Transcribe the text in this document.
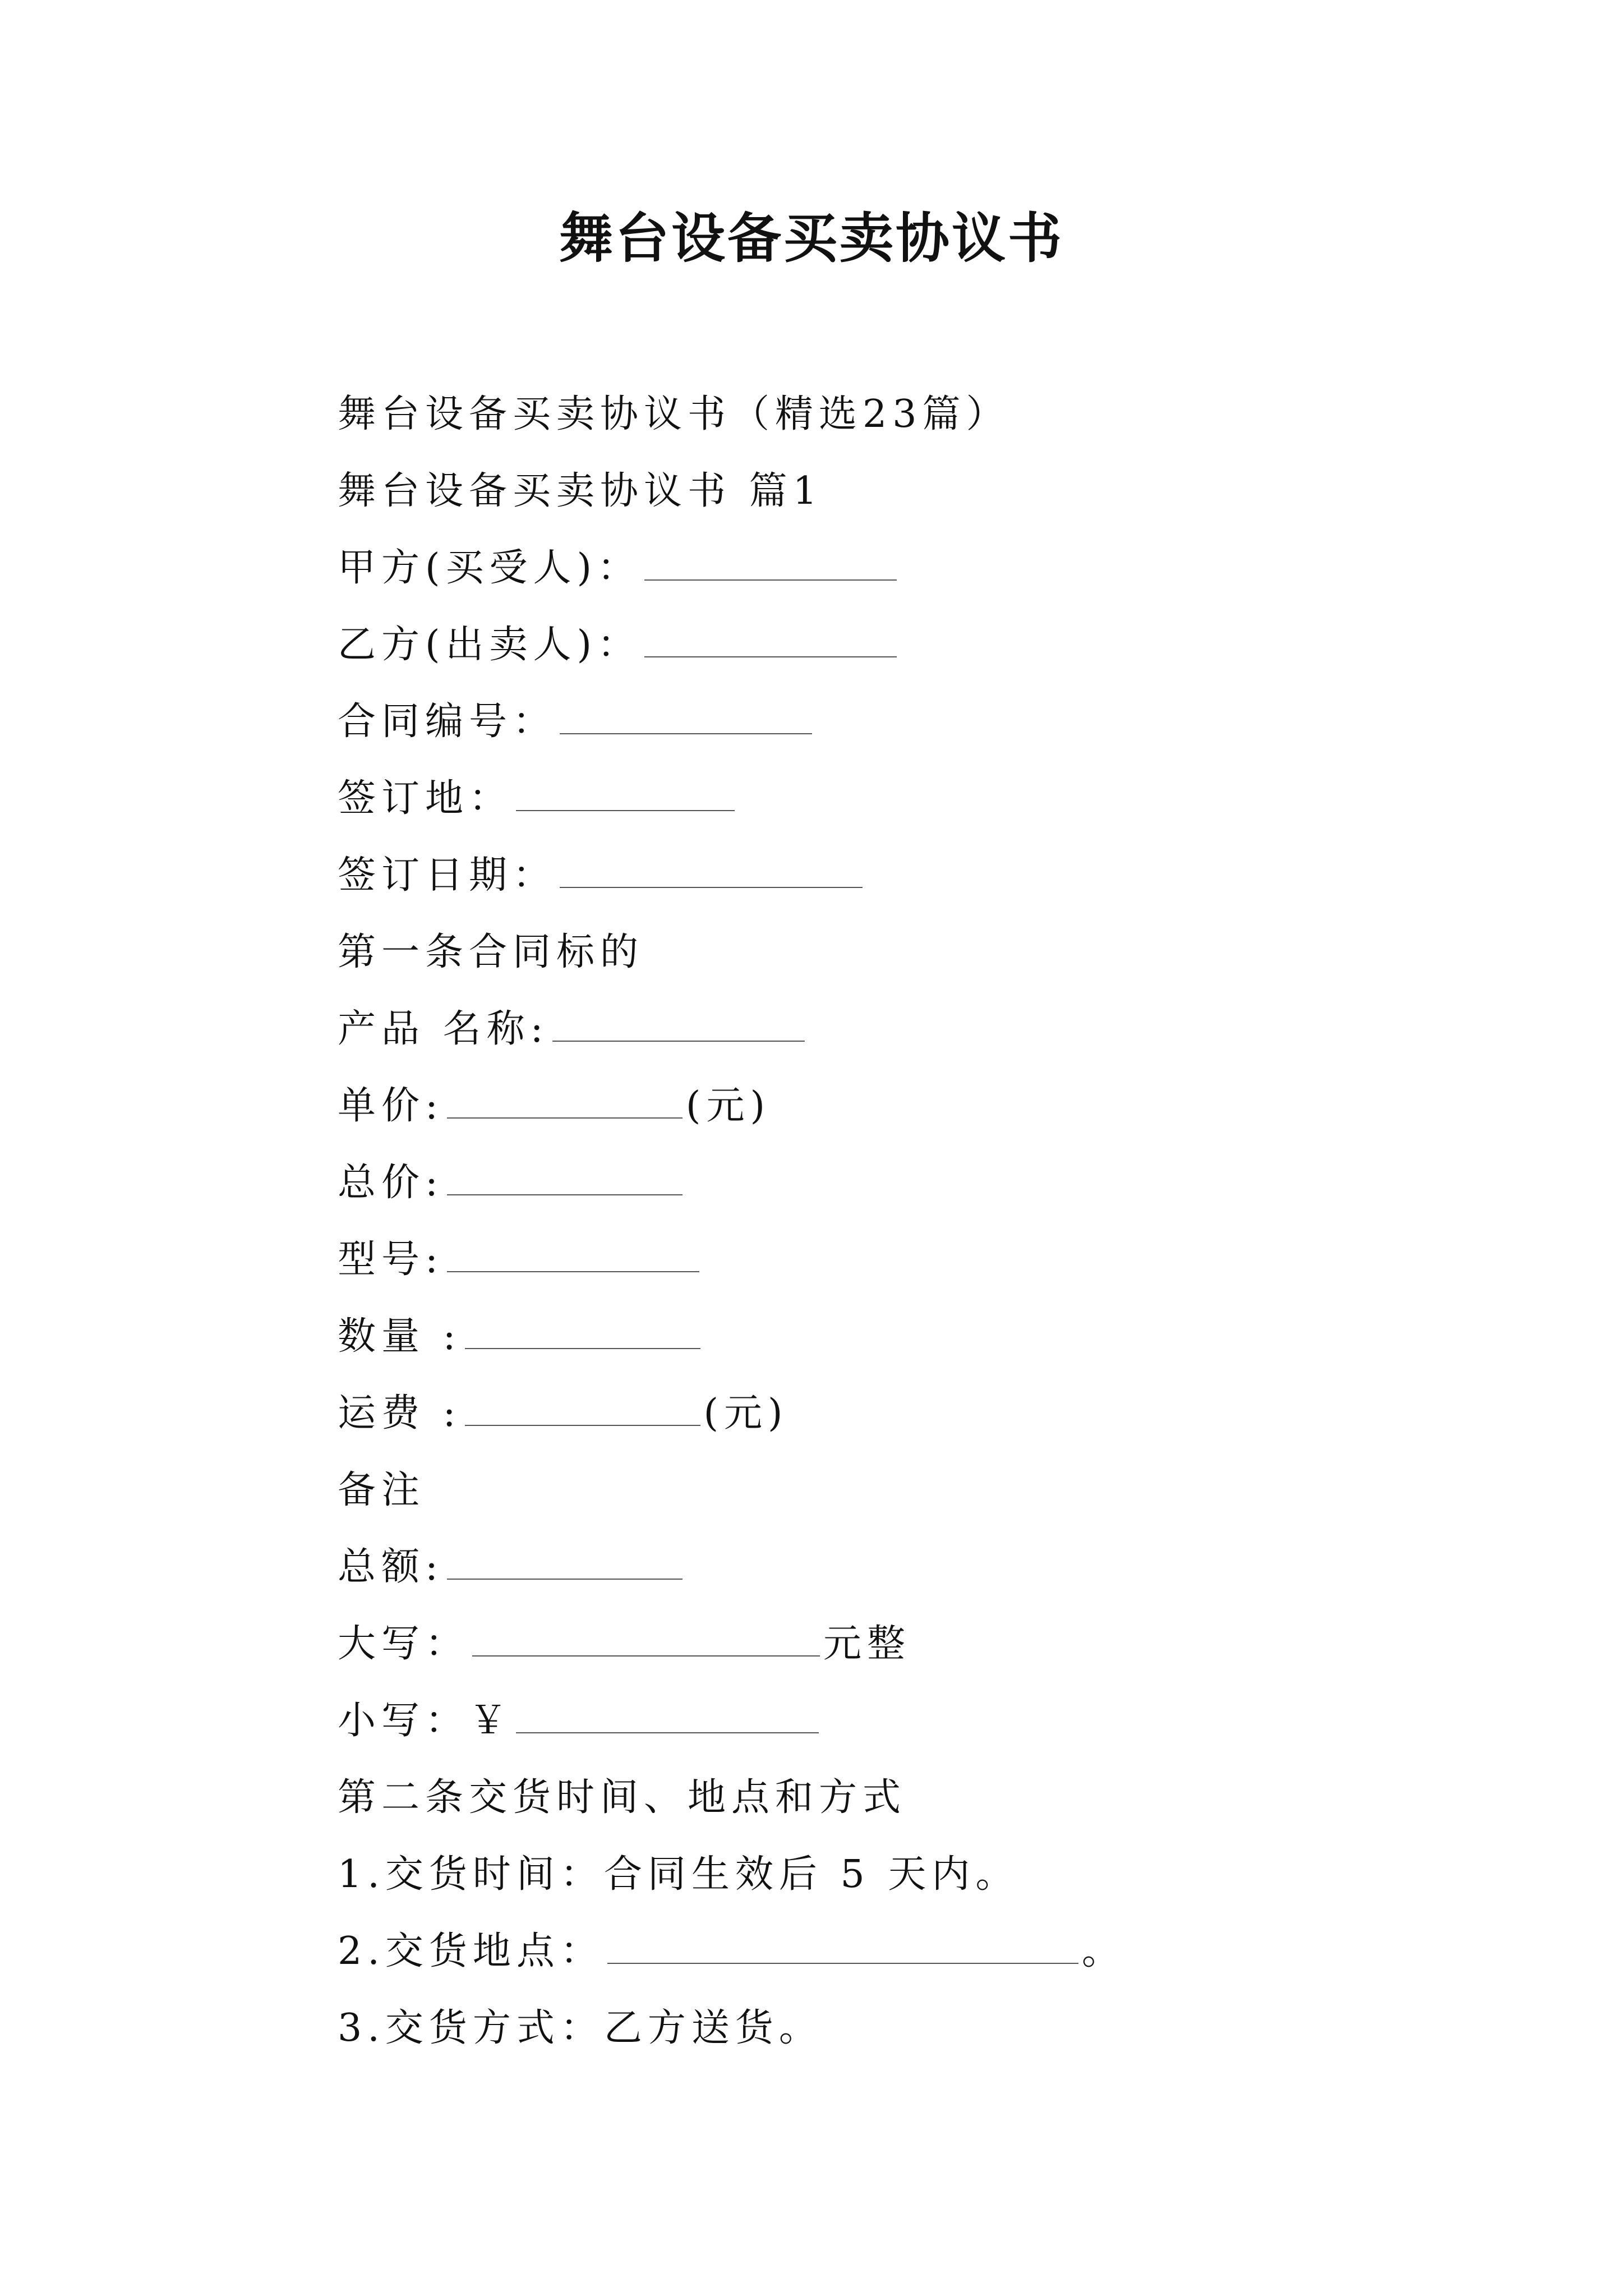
舞台设备买卖协议书
舞台设备买卖协议书（精选23篇）
舞台设备买卖协议书 篇1
甲方(买受人)：
乙方(出卖人)：
合同编号：
签订地：
签订日期：
第一条合同标的
产品 名称:
单价:	(元)
总价:
型号:
数量 :
运费 :	(元)
备注
总额:
大写：	元整
小写：￥
第二条交货时间、地点和方式
1.交货时间：合同生效后 5 天内。
2.交货地点：	。
3.交货方式：乙方送货。
